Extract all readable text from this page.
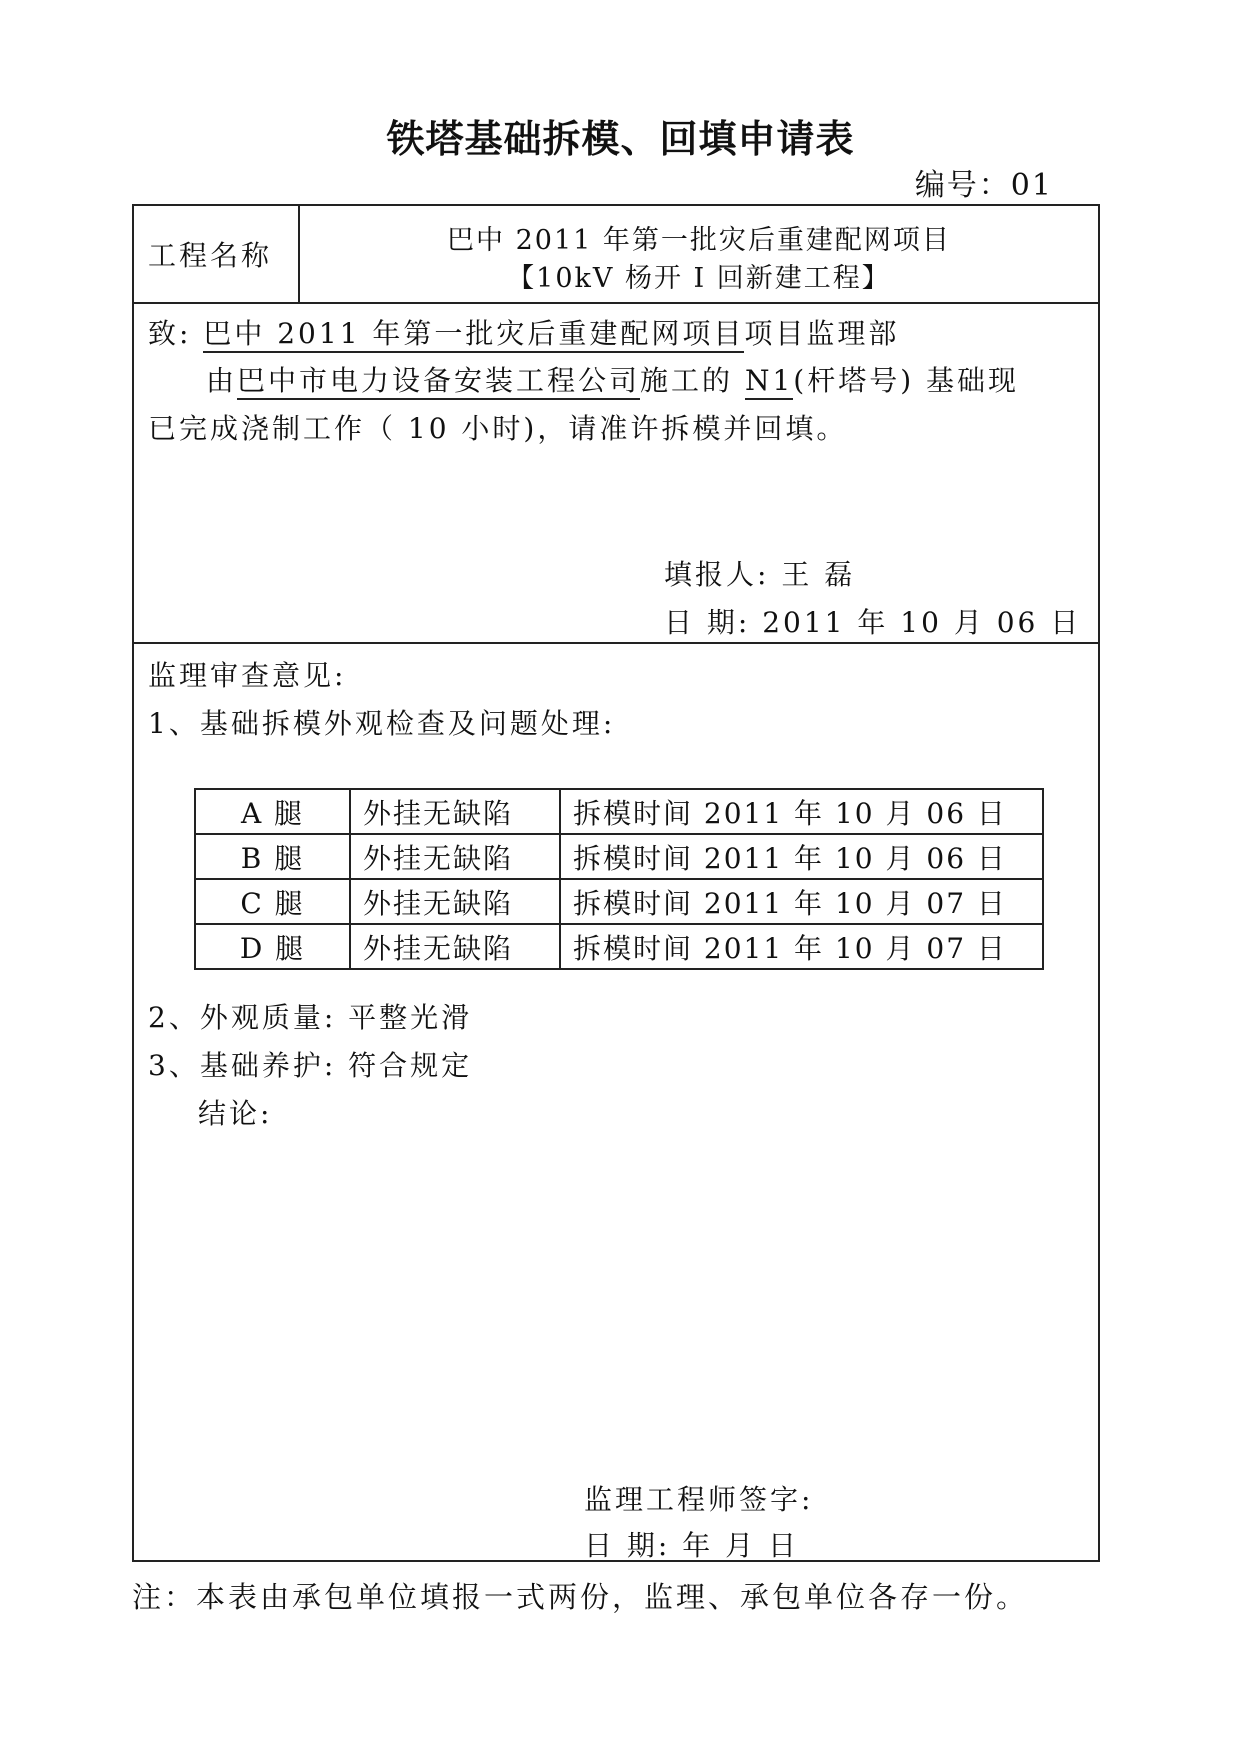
铁塔基础拆模、回填申请表
编号：01
工程名称	巴中 2011 年第一批灾后重建配网项目
【10kV 杨开 I 回新建工程】
致: 巴中 2011 年第一批灾后重建配网项目项目监理部
由巴中市电力设备安装工程公司施工的 N1(杆塔号) 基础现
已完成浇制工作（ 10 小时)，请准许拆模并回填。
填报人: 王 磊
日 期: 2011 年 10 月 06 日
监理审查意见:
1、基础拆模外观检查及问题处理:
A 腿	外挂无缺陷	拆模时间 2011 年 10 月 06 日
B 腿	外挂无缺陷	拆模时间 2011 年 10 月 06 日
C 腿	外挂无缺陷	拆模时间 2011 年 10 月 07 日
D 腿	外挂无缺陷	拆模时间 2011 年 10 月 07 日
2、外观质量: 平整光滑
3、基础养护: 符合规定
结论:
监理工程师签字:
日 期: 年 月 日
注：本表由承包单位填报一式两份，监理、承包单位各存一份。
